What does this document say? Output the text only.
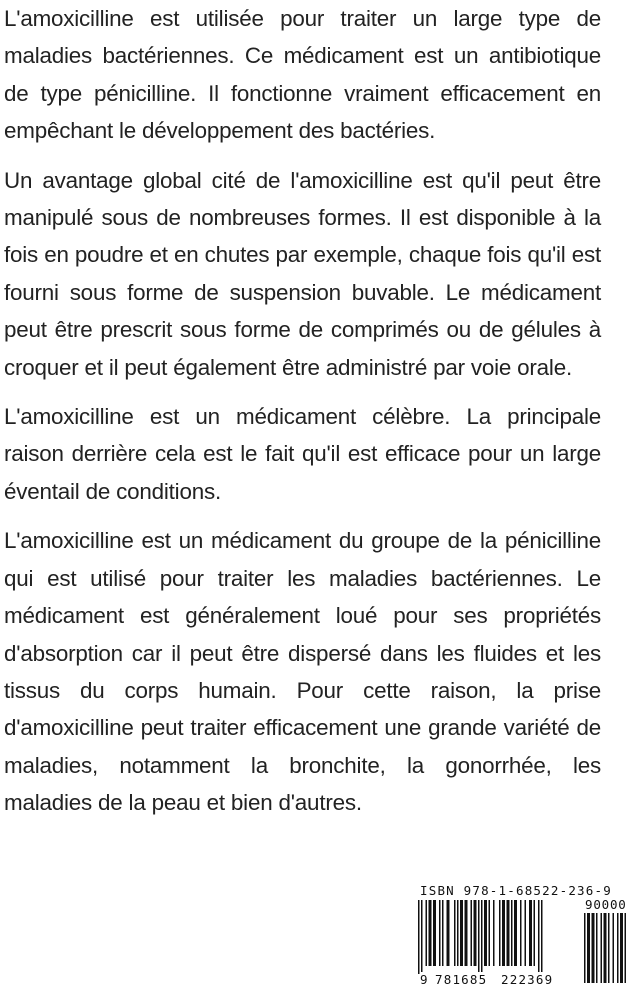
L'amoxicilline est utilisée pour traiter un large type de maladies bactériennes. Ce médicament est un antibiotique de type pénicilline. Il fonctionne vraiment efficacement en empêchant le développement des bactéries.

Un avantage global cité de l'amoxicilline est qu'il peut être manipulé sous de nombreuses formes. Il est disponible à la fois en poudre et en chutes par exemple, chaque fois qu'il est fourni sous forme de suspension buvable. Le médicament peut être prescrit sous forme de comprimés ou de gélules à croquer et il peut également être administré par voie orale.

L'amoxicilline est un médicament célèbre. La principale raison derrière cela est le fait qu'il est efficace pour un large éventail de conditions.

L'amoxicilline est un médicament du groupe de la pénicilline qui est utilisé pour traiter les maladies bactériennes. Le médicament est généralement loué pour ses propriétés d'absorption car il peut être dispersé dans les fluides et les tissus du corps humain. Pour cette raison, la prise d'amoxicilline peut traiter efficacement une grande variété de maladies, notamment la bronchite, la gonorrhée, les maladies de la peau et bien d'autres.

ISBN 978-1-68522-236-9
90000
9 781685 222369
